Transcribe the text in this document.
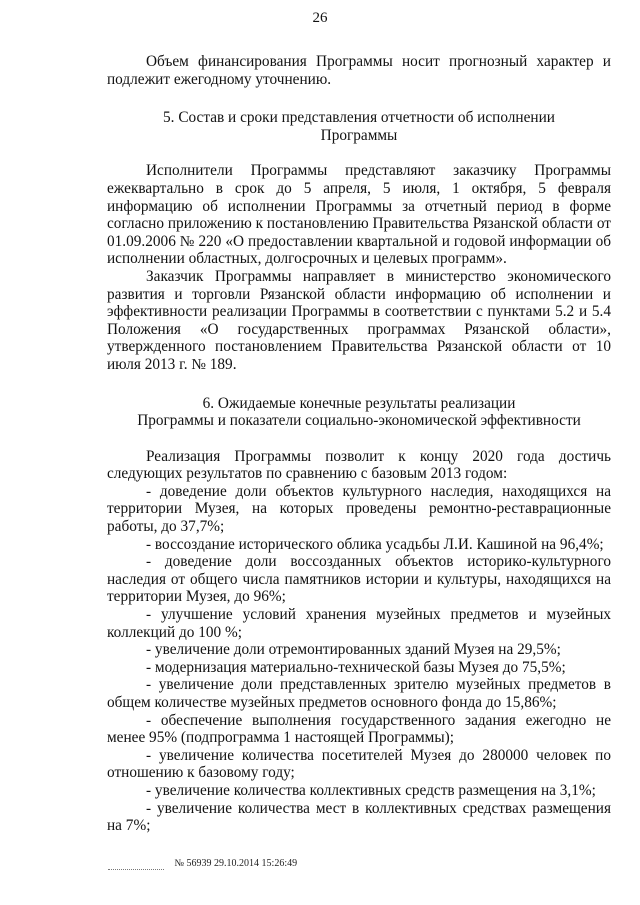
26

Объем финансирования Программы носит прогнозный характер и подлежит ежегодному уточнению.

5. Состав и сроки представления отчетности об исполнении

Программы

Исполнители Программы представляют заказчику Программы ежеквартально в срок до 5 апреля, 5 июля, 1 октября, 5 февраля информацию об исполнении Программы за отчетный период в форме согласно приложению к постановлению Правительства Рязанской области от 01.09.2006 № 220 «О предоставлении квартальной и годовой информации об исполнении областных, долгосрочных и целевых программ».

Заказчик Программы направляет в министерство экономического развития и торговли Рязанской области информацию об исполнении и эффективности реализации Программы в соответствии с пунктами 5.2 и 5.4 Положения «О государственных программах Рязанской области», утвержденного постановлением Правительства Рязанской области от 10 июля 2013 г. № 189.

6. Ожидаемые конечные результаты реализации

Программы и показатели социально-экономической эффективности

Реализация Программы позволит к концу 2020 года достичь следующих результатов по сравнению с базовым 2013 годом:

- доведение доли объектов культурного наследия, находящихся на территории Музея, на которых проведены ремонтно-реставрационные работы, до 37,7%;

- воссоздание исторического облика усадьбы Л.И. Кашиной на 96,4%;

- доведение доли воссозданных объектов историко-культурного наследия от общего числа памятников истории и культуры, находящихся на территории Музея, до 96%;

- улучшение условий хранения музейных предметов и музейных коллекций до 100 %;

- увеличение доли отремонтированных зданий Музея на 29,5%;

- модернизация материально-технической базы Музея до 75,5%;

- увеличение доли представленных зрителю музейных предметов в общем количестве музейных предметов основного фонда до 15,86%;

- обеспечение выполнения государственного задания ежегодно не менее 95% (подпрограмма 1 настоящей Программы);

- увеличение количества посетителей Музея до 280000 человек по отношению к базовому году;

- увеличение количества коллективных средств размещения на 3,1%;

- увеличение количества мест в коллективных средствах размещения на 7%;

№ 56939 29.10.2014 15:26:49
